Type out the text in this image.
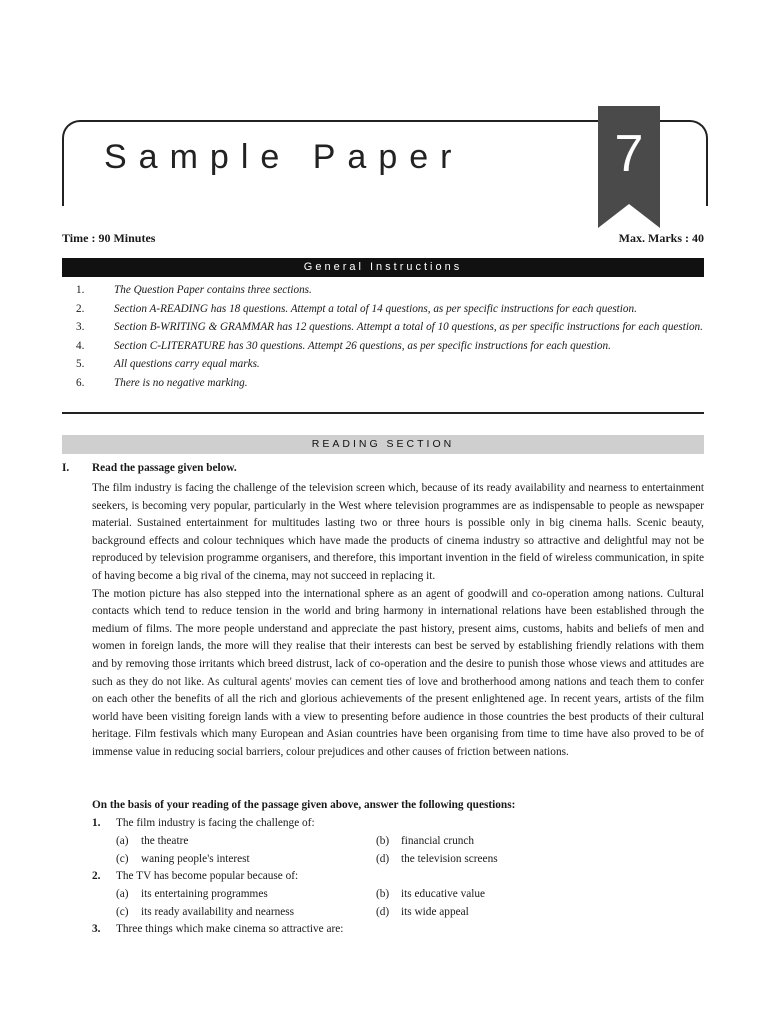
Sample Paper	7
Time : 90 Minutes	Max. Marks : 40
General Instructions
1.	The Question Paper contains three sections.
2.	Section A-READING has 18 questions. Attempt a total of 14 questions, as per specific instructions for each question.
3.	Section B-WRITING & GRAMMAR has 12 questions. Attempt a total of 10 questions, as per specific instructions for each question.
4.	Section C-LITERATURE has 30 questions. Attempt 26 questions, as per specific instructions for each question.
5.	All questions carry equal marks.
6.	There is no negative marking.
READING SECTION
I. Read the passage given below.

The film industry is facing the challenge of the television screen which, because of its ready availability and nearness to entertainment seekers, is becoming very popular, particularly in the West where television programmes are as indispensable to people as newspaper material. Sustained entertainment for multitudes lasting two or three hours is possible only in big cinema halls. Scenic beauty, background effects and colour techniques which have made the products of cinema industry so attractive and delightful may not be reproduced by television programme organisers, and therefore, this important invention in the field of wireless communication, in spite of having become a big rival of the cinema, may not succeed in replacing it.

The motion picture has also stepped into the international sphere as an agent of goodwill and co-operation among nations. Cultural contacts which tend to reduce tension in the world and bring harmony in international relations have been established through the medium of films. The more people understand and appreciate the past history, present aims, customs, habits and beliefs of men and women in foreign lands, the more will they realise that their interests can best be served by establishing friendly relations with them and by removing those irritants which breed distrust, lack of co-operation and the desire to punish those whose views and attitudes are such as they do not like. As cultural agents' movies can cement ties of love and brotherhood among nations and teach them to confer on each other the benefits of all the rich and glorious achievements of the present enlightened age. In recent years, artists of the film world have been visiting foreign lands with a view to presenting before audience in those countries the best products of their cultural heritage. Film festivals which many European and Asian countries have been organising from time to time have also proved to be of immense value in reducing social barriers, colour prejudices and other causes of friction between nations.

On the basis of your reading of the passage given above, answer the following questions:
1. The film industry is facing the challenge of:
(a) the theatre	(b) financial crunch
(c) waning people's interest	(d) the television screens
2. The TV has become popular because of:
(a) its entertaining programmes	(b) its educative value
(c) its ready availability and nearness	(d) its wide appeal
3. Three things which make cinema so attractive are:
